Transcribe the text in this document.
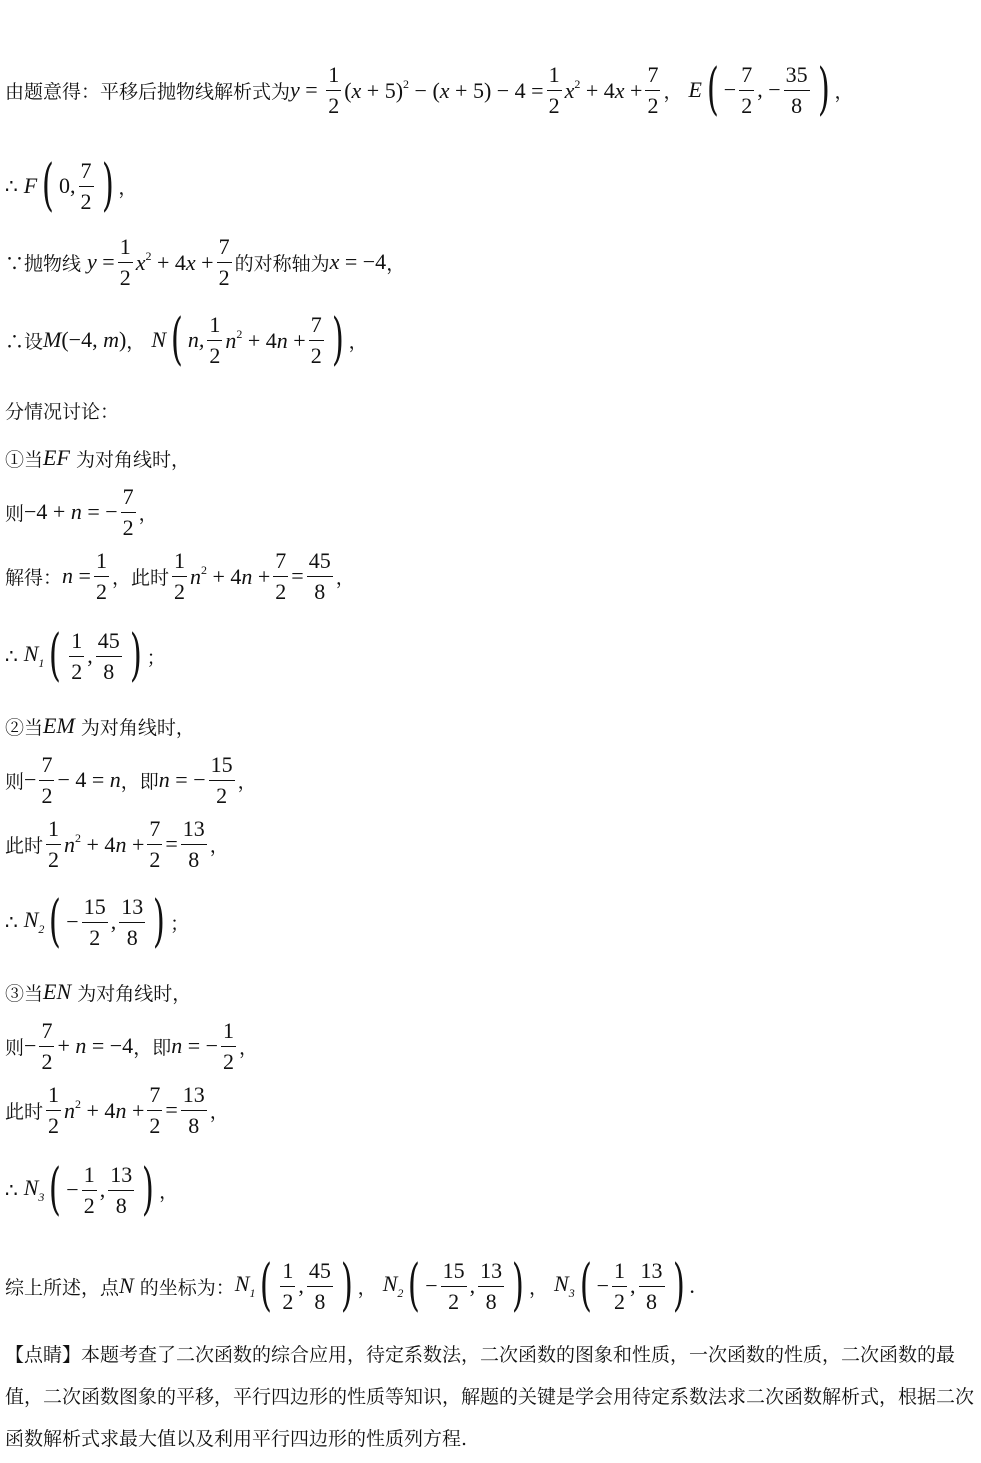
由题意得：平移后抛物线解析式为 $y = \frac{1}{2} (x + 5)^2 - (x + 5) - 4 = \frac{1}{2} x^2 + 4x + \frac{7}{2}$ ， E ( − $\frac{7}{2}$ , − $\frac{35}{8}$ ) ，
∴ F ( 0, $\frac{7}{2}$ ) ，
∵抛物线 $y = \frac{1}{2} x^2 + 4x + \frac{7}{2}$ 的对称轴为 x = −4 ，
∴设 M(−4, m) ， N ( n, $\frac{1}{2} n^2 + 4n + \frac{7}{2}$ ) ，
分情况讨论：
①当 EF
为对角线时，
则 −4 + n = − $\frac{7}{2}$ ，
解得： $n = \frac{1}{2}$ ，此时 $\frac{1}{2} n^2 + 4n + \frac{7}{2} = \frac{45}{8}$ ，
∴ $N_1$ ( $\frac{1}{2}$ , $\frac{45}{8}$ ) ；
②当 EM
为对角线时，
则 − $\frac{7}{2} - 4 = n$ ，即 n = − $\frac{15}{2}$ ，
此时 $\frac{1}{2} n^2 + 4n + \frac{7}{2} = \frac{13}{8}$ ，
∴ $N_2$ ( − $\frac{15}{2}$ , $\frac{13}{8}$ ) ；
③当 EN
为对角线时，
则 − $\frac{7}{2} + n = -4$ ，即 n = − $\frac{1}{2}$ ，
此时 $\frac{1}{2} n^2 + 4n + \frac{7}{2} = \frac{13}{8}$ ，
∴ $N_3$ ( − $\frac{1}{2}$ , $\frac{13}{8}$ ) ，
综上所述，点 N
的坐标为： $N_1$ ( $\frac{1}{2}$ , $\frac{45}{8}$ ) ， $N_2$ ( − $\frac{15}{2}$ , $\frac{13}{8}$ ) ， $N_3$ ( − $\frac{1}{2}$ , $\frac{13}{8}$ ) .
【点睛】本题考查了二次函数的综合应用，待定系数法，二次函数的图象和性质，一次函数的性质，二次函数的最值，二次函数图象的平移，平行四边形的性质等知识，解题的关键是学会用待定系数法求二次函数解析式，根据二次函数解析式求最大值以及利用平行四边形的性质列方程.
